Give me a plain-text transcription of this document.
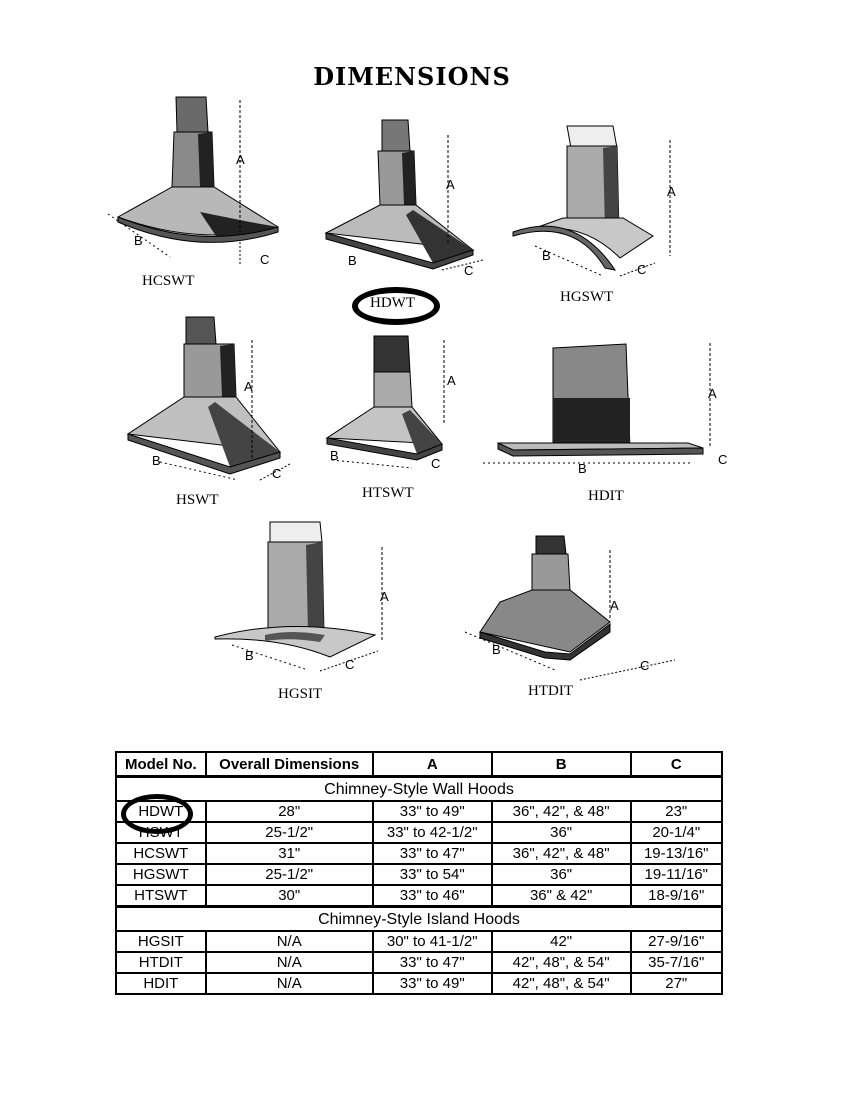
DIMENSIONS
A
B
C
HCSWT
A
B
C
HDWT
A
B
C
HGSWT
A
B
C
HSWT
A
B
C
HTSWT
A
B
C
HDIT
A
B
C
HGSIT
A
B
C
HTDIT
Model No.	Overall Dimensions	A	B	C
Chimney-Style Wall Hoods				
HDWT	28"	33" to 49"	36", 42", & 48"	23"
HSWT	25-1/2"	33" to 42-1/2"	36"	20-1/4"
HCSWT	31"	33" to 47"	36", 42", & 48"	19-13/16"
HGSWT	25-1/2"	33" to 54"	36"	19-11/16"
HTSWT	30"	33" to 46"	36" & 42"	18-9/16"
Chimney-Style Island Hoods				
HGSIT	N/A	30" to 41-1/2"	42"	27-9/16"
HTDIT	N/A	33" to 47"	42", 48", & 54"	35-7/16"
HDIT	N/A	33" to 49"	42", 48", & 54"	27"
